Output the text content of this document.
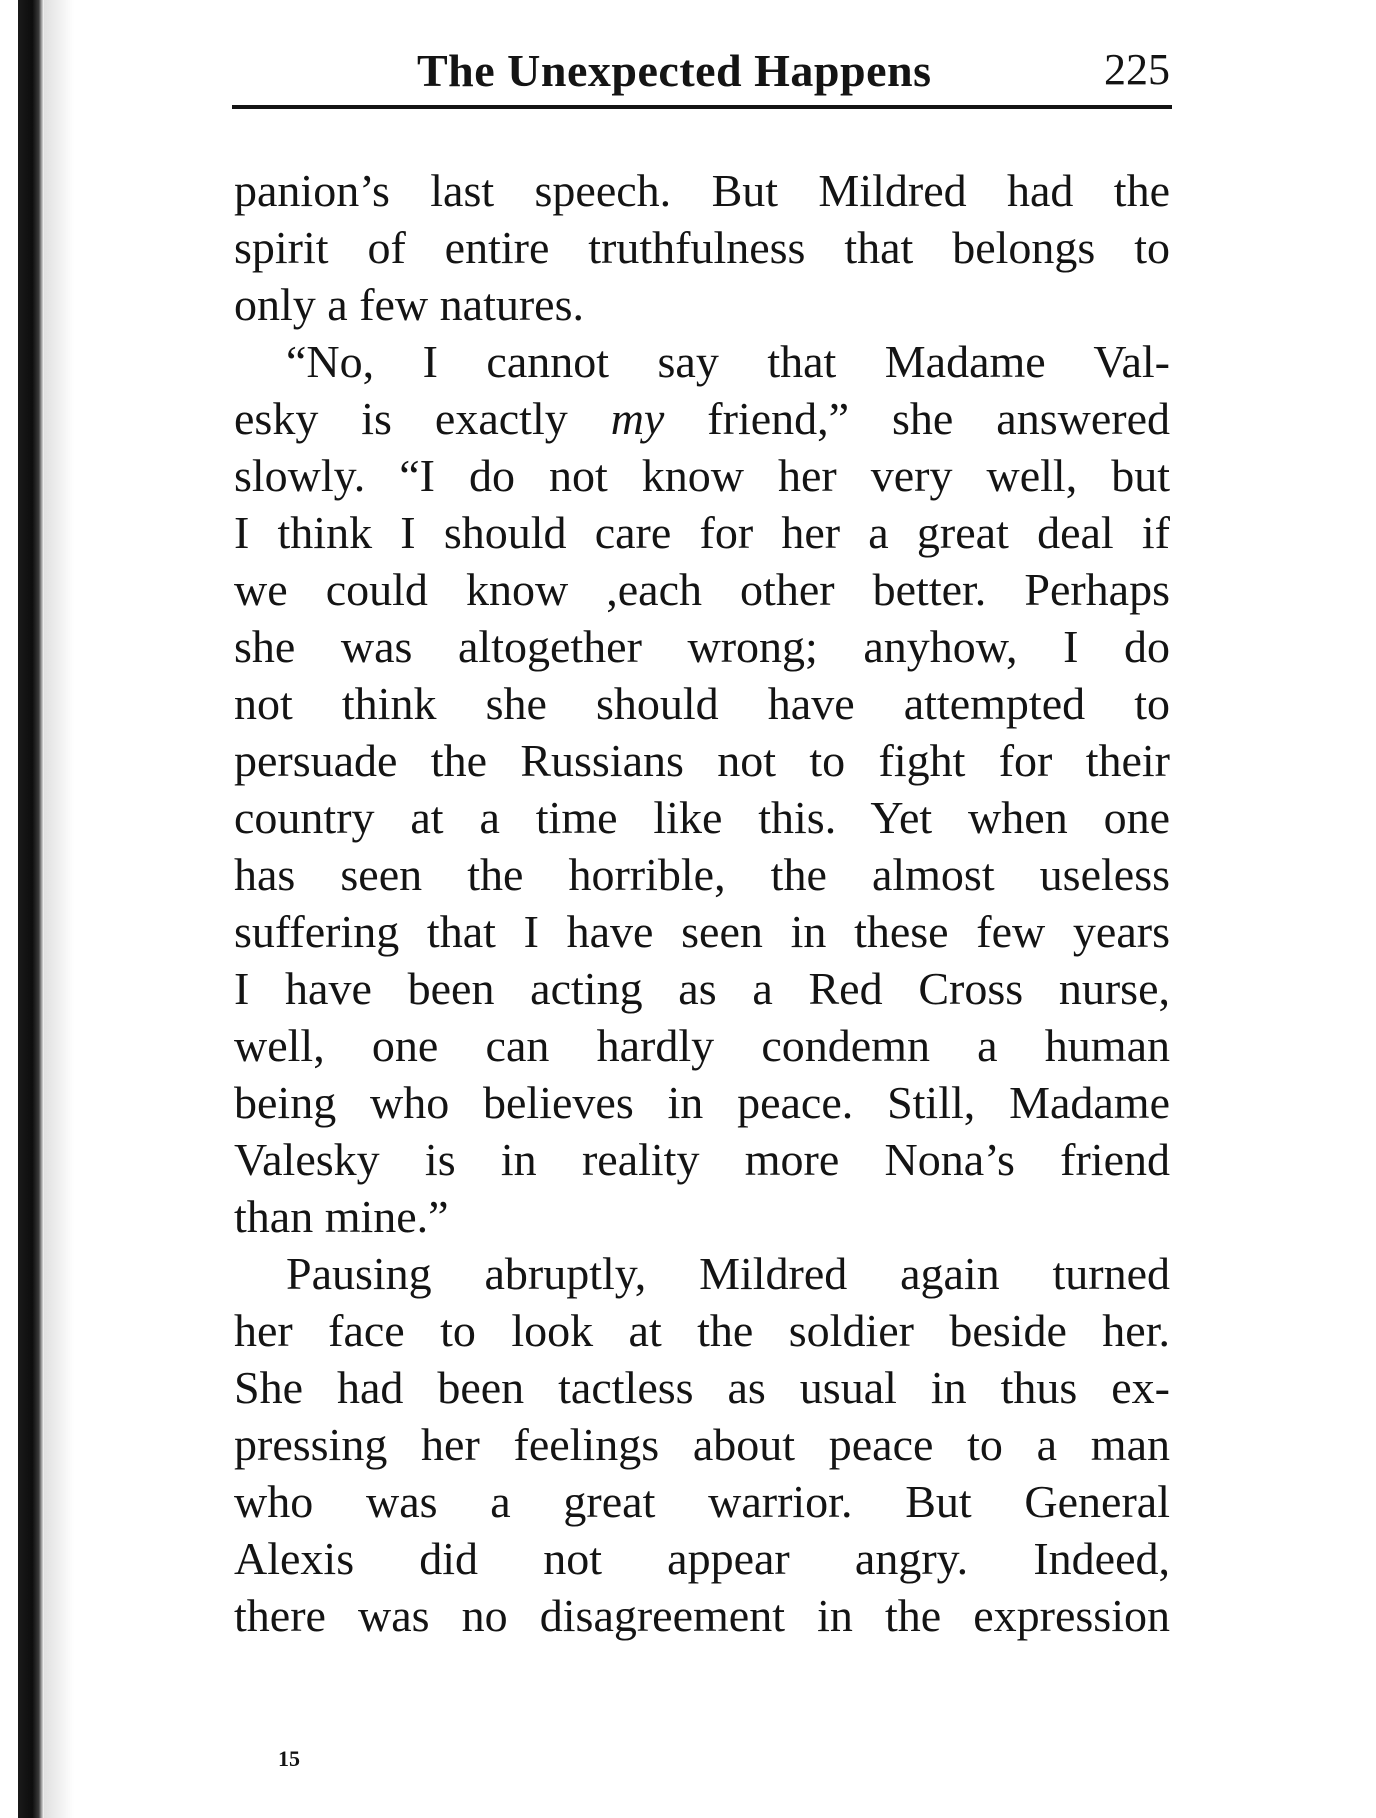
The Unexpected Happens	225
panion’s last speech. But Mildred had the
spirit of entire truthfulness that belongs to
only a few natures.
“No, I cannot say that Madame Val-
esky is exactly my friend,” she answered
slowly. “I do not know her very well, but
I think I should care for her a great deal if
we could know ,each other better. Perhaps
she was altogether wrong; anyhow, I do
not think she should have attempted to
persuade the Russians not to fight for their
country at a time like this. Yet when one
has seen the horrible, the almost useless
suffering that I have seen in these few years
I have been acting as a Red Cross nurse,
well, one can hardly condemn a human
being who believes in peace. Still, Madame
Valesky is in reality more Nona’s friend
than mine.”
Pausing abruptly, Mildred again turned
her face to look at the soldier beside her.
She had been tactless as usual in thus ex-
pressing her feelings about peace to a man
who was a great warrior. But General
Alexis did not appear angry. Indeed,
there was no disagreement in the expression
15
